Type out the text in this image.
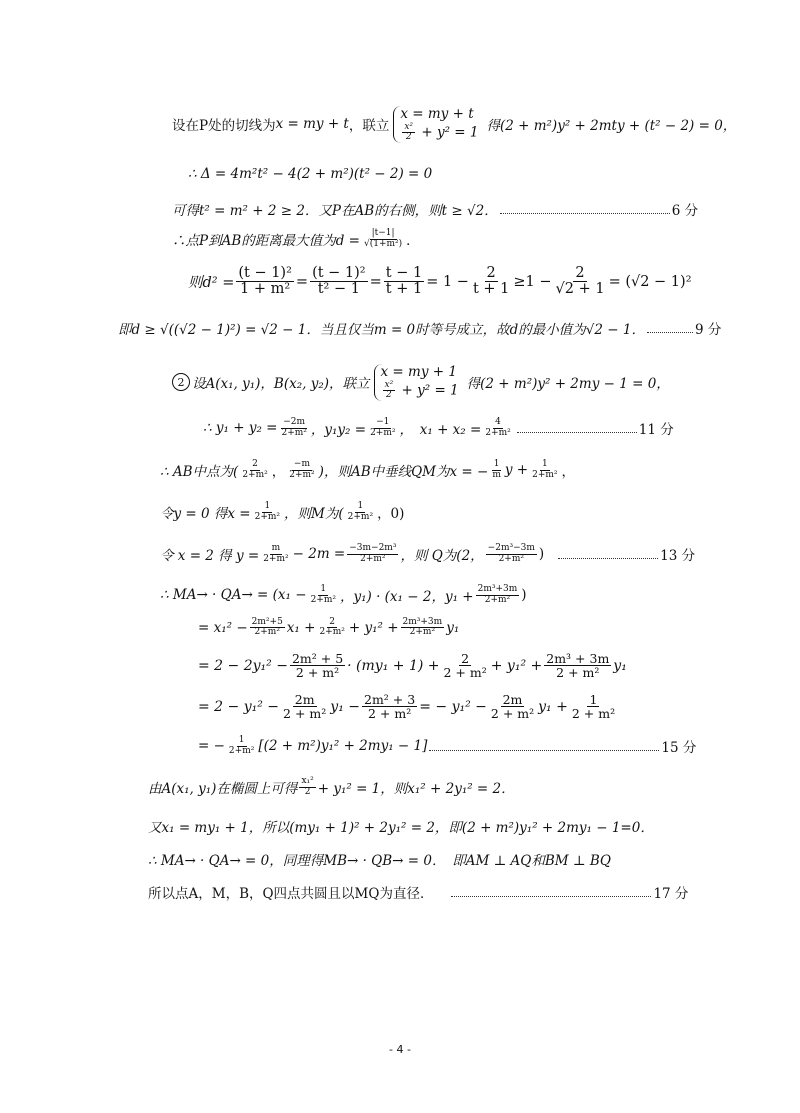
设在P处的切线为 x = my + t ，联立
x = my + t
$\frac{\text{x²}}{2} + y^2 = 1$ 得(2 + m²)y² + 2mty + (t² − 2) = 0，
∴ Δ = 4m²t² − 4(2 + m²)(t² − 2) = 0
可得t² = m² + 2 ≥ 2．又P在AB的右侧，则t ≥ √2．	6 分
∴点P到AB的距离最大值为$d = \frac{|t-1|}{\text{√(1+m²)}}$ ．
则$d^2 = \frac{\text{(t − 1)²}}{\text{1 + m²}} = \frac{\text{(t − 1)²}}{\text{t² − 1}} = \frac{t - 1}{t + 1} = 1 - \frac{2}{t + 1} \ge 1 - \frac{2}{√2 + 1} = (√2 - 1)^2$
即d ≥ √((√2 − 1)²) = √2 − 1．当且仅当m = 0时等号成立，故d的最小值为√2 − 1．	9 分
2 设A(x₁, y₁)，B(x₂, y₂)，联立
x = my + 1
$\frac{\text{x²}}{2} + y^2 = 1$ 得(2 + m²)y² + 2my − 1 = 0，
∴ $y_1 + y_2 = \frac{-2m}{\text{2+m²}}$ ，$y_1y_2 = \frac{-1}{\text{2+m²}}$ ，　$x_1 + x_2 = \frac{4}{\text{2+m²}}$	11 分
∴ AB中点为( $\frac{2}{\text{2+m²}}$ ， $\frac{-m}{\text{2+m²}}$ )，则AB中垂线QM为x = − $\frac{1}{m}$ $y + \frac{1}{\text{2+m²}}$ ，
令y = 0 得$x = \frac{1}{\text{2+m²}}$ ，则M为( $\frac{1}{\text{2+m²}}$ ，0)
令 x = 2 得 $y = \frac{m}{\text{2+m²}} - 2m = \frac{\text{−3m−2m³}}{\text{2+m²}}$ ，则 Q为(2， $\frac{\text{−2m³−3m}}{\text{2+m²}}$ )	13 分
∴ $MA\to \cdot QA\to = (x_1 - \frac{1}{\text{2+m²}}$ ，y₁) · (x₁ − 2，$y_1 + \frac{\text{2m³+3m}}{\text{2+m²}}$ )
= $x_1^2 - \frac{\text{2m²+5}}{\text{2+m²}} x_1 + \frac{2}{\text{2+m²}} + y_1^2 + \frac{\text{2m³+3m}}{\text{2+m²}} y_1$
= $2 - 2y_1^2 - \frac{\text{2m² + 5}}{\text{2 + m²}} \cdot (my_1 + 1) + \frac{2}{\text{2 + m²}} + y_1^2 + \frac{\text{2m³ + 3m}}{\text{2 + m²}} y_1$
= $2 - y_1^2 - \frac{2m}{\text{2 + m²}} y_1 - \frac{\text{2m² + 3}}{\text{2 + m²}}$ = − $y_1^2 - \frac{2m}{\text{2 + m²}} y_1 + \frac{1}{\text{2 + m²}}$
= − $\frac{1}{\text{2+m²}} [(2 + m^2)y_1^2 + 2my_1 - 1]$	15 分
由A(x₁, y₁)在椭圆上可得 $\frac{\text{x₁²}}{2} + y_1^2 = 1$，则x₁² + 2y₁² = 2．
又x₁ = my₁ + 1，所以(my₁ + 1)² + 2y₁² = 2，即(2 + m²)y₁² + 2my₁ − 1=0．
∴ MA→ · QA→ = 0，同理得MB→ · QB→ = 0．　即AM ⊥ AQ和BM ⊥ BQ
所以点A，M，B，Q四点共圆且以MQ为直径．	17 分
- 4 -
